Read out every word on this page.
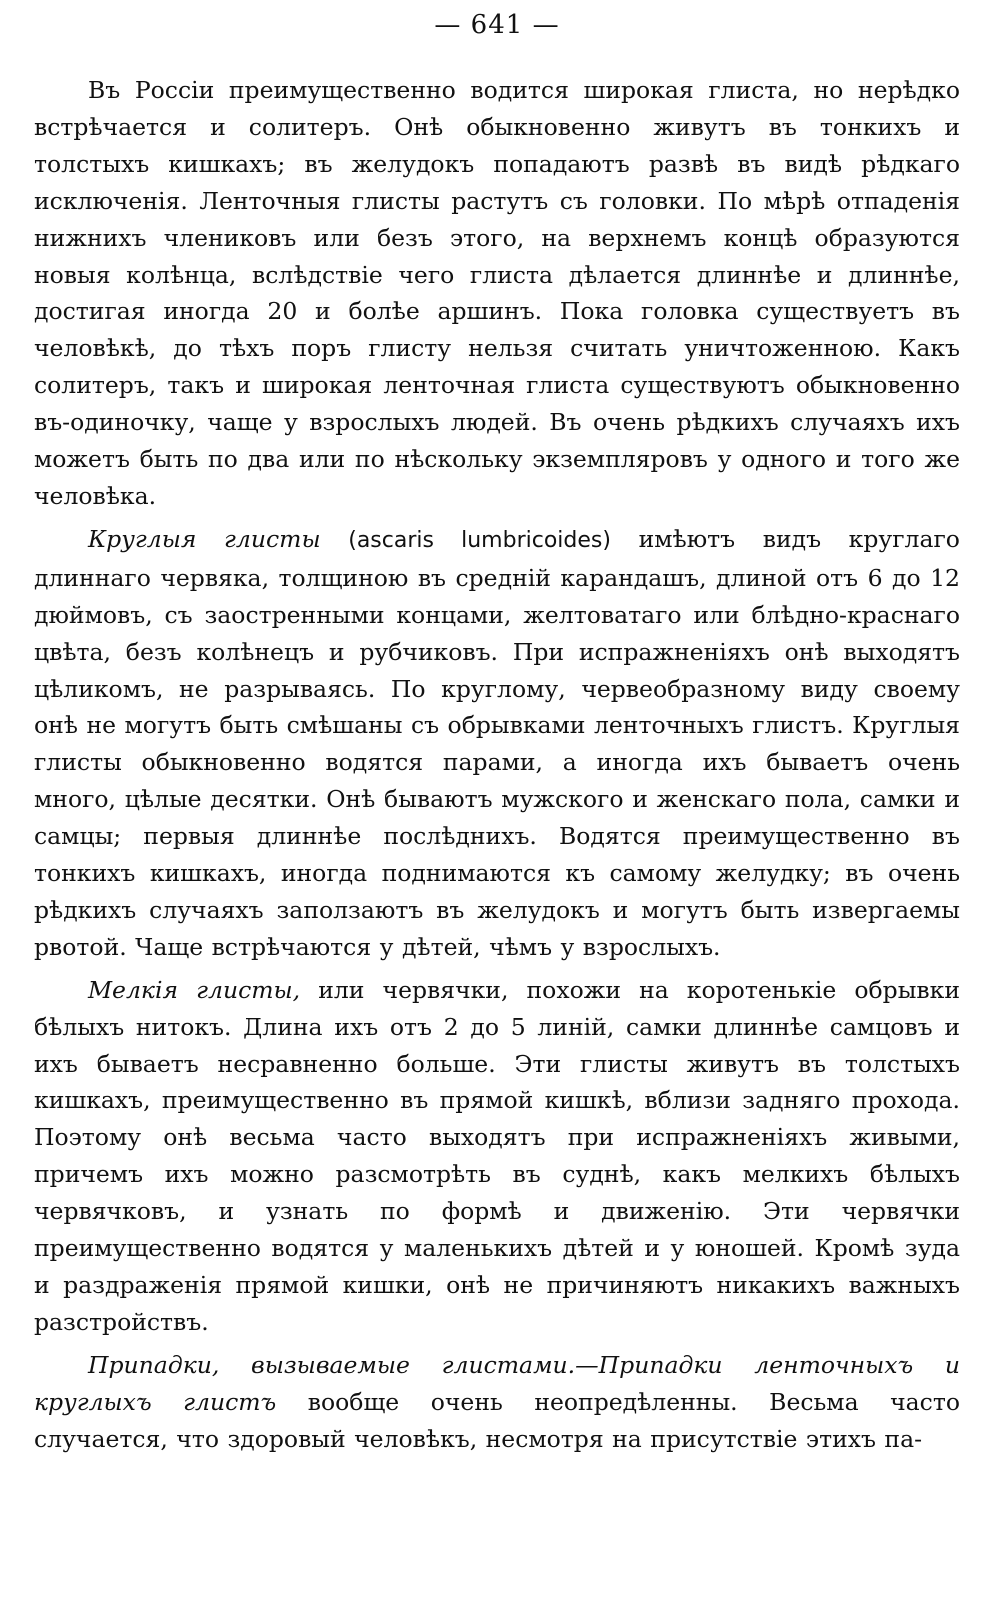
— 641 —

Въ Россіи преимущественно водится широкая глиста, но нерѣдко встрѣчается и солитеръ. Онѣ обыкновенно живутъ въ тонкихъ и толстыхъ кишкахъ; въ желудокъ попадаютъ развѣ въ видѣ рѣдкаго исключенія. Ленточныя глисты растутъ съ головки. По мѣрѣ отпаденія нижнихъ члениковъ или безъ этого, на верхнемъ концѣ образуются новыя колѣнца, вслѣдствіе чего глиста дѣлается длиннѣе и длиннѣе, достигая иногда 20 и болѣе аршинъ. Пока головка существуетъ въ человѣкѣ, до тѣхъ поръ глисту нельзя считать уничтоженною. Какъ солитеръ, такъ и широкая ленточная глиста существуютъ обыкновенно въ-одиночку, чаще у взрослыхъ людей. Въ очень рѣдкихъ случаяхъ ихъ можетъ быть по два или по нѣскольку экземпляровъ у одного и того же человѣка.

Круглыя глисты (ascaris lumbricoides) имѣютъ видъ круглаго длиннаго червяка, толщиною въ средній карандашъ, длиной отъ 6 до 12 дюймовъ, съ заостренными концами, желтоватаго или блѣдно-краснаго цвѣта, безъ колѣнецъ и рубчиковъ. При испражненіяхъ онѣ выходятъ цѣликомъ, не разрываясь. По круглому, червеобразному виду своему онѣ не могутъ быть смѣшаны съ обрывками ленточныхъ глистъ. Круглыя глисты обыкновенно водятся парами, а иногда ихъ бываетъ очень много, цѣлые десятки. Онѣ бываютъ мужского и женскаго пола, самки и самцы; первыя длиннѣе послѣднихъ. Водятся преимущественно въ тонкихъ кишкахъ, иногда поднимаются къ самому желудку; въ очень рѣдкихъ случаяхъ заползаютъ въ желудокъ и могутъ быть извергаемы рвотой. Чаще встрѣчаются у дѣтей, чѣмъ у взрослыхъ.

Мелкія глисты, или червячки, похожи на коротенькіе обрывки бѣлыхъ нитокъ. Длина ихъ отъ 2 до 5 линій, самки длиннѣе самцовъ и ихъ бываетъ несравненно больше. Эти глисты живутъ въ толстыхъ кишкахъ, преимущественно въ прямой кишкѣ, вблизи задняго прохода. Поэтому онѣ весьма часто выходятъ при испражненіяхъ живыми, причемъ ихъ можно разсмотрѣть въ суднѣ, какъ мелкихъ бѣлыхъ червячковъ, и узнать по формѣ и движенію. Эти червячки преимущественно водятся у маленькихъ дѣтей и у юношей. Кромѣ зуда и раздраженія прямой кишки, онѣ не причиняютъ никакихъ важныхъ разстройствъ.

Припадки, вызываемые глистами.—Припадки ленточныхъ и круглыхъ глистъ вообще очень неопредѣленны. Весьма часто случается, что здоровый человѣкъ, несмотря на присутствіе этихъ па-
